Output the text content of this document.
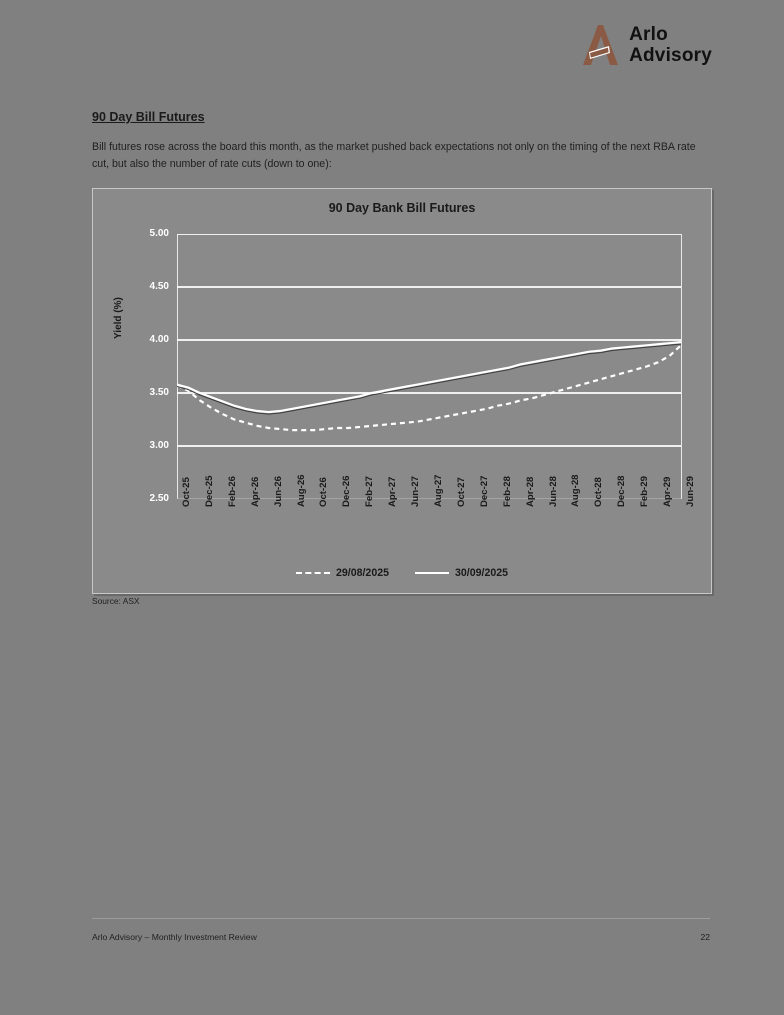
Arlo
Advisory
90 Day Bill Futures
Bill futures rose across the board this month, as the market pushed back expectations not only on the timing of the next RBA rate cut, but also the number of rate cuts (down to one):
90 Day Bank Bill Futures
Yield (%)
2.50
3.00
3.50
4.00
4.50
5.00
Oct-25 Dec-25 Feb-26 Apr-26 Jun-26 Aug-26 Oct-26 Dec-26 Feb-27 Apr-27 Jun-27 Aug-27 Oct-27 Dec-27 Feb-28 Apr-28 Jun-28 Aug-28 Oct-28 Dec-28 Feb-29 Apr-29 Jun-29
29/08/2025	30/09/2025
Source: ASX
Arlo Advisory – Monthly Investment Review	22
